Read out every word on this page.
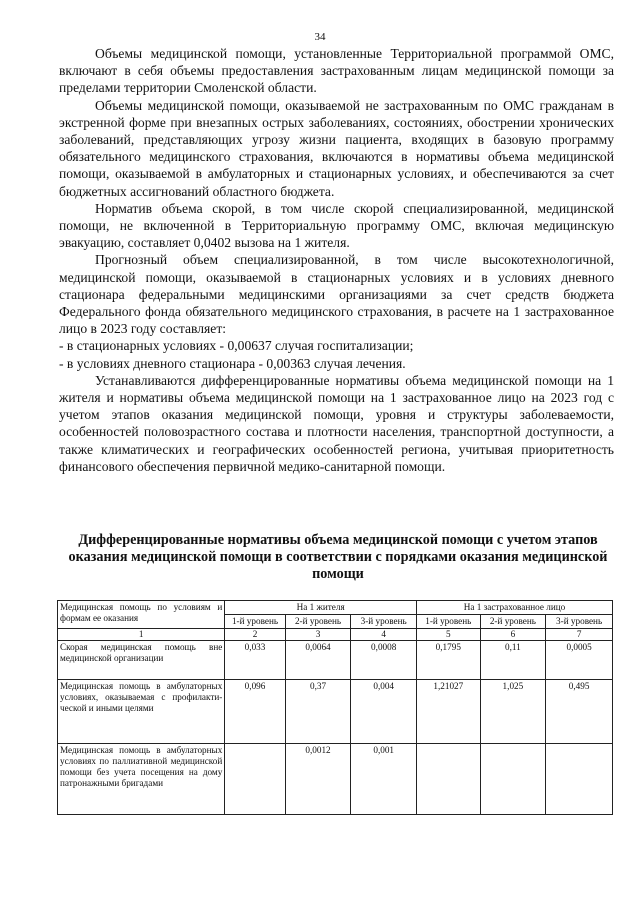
34

Объемы медицинской помощи, установленные Территориальной программой ОМС, включают в себя объемы предоставления застрахованным лицам медицинской помощи за пределами территории Смоленской области.

Объемы медицинской помощи, оказываемой не застрахованным по ОМС гражданам в экстренной форме при внезапных острых заболеваниях, состояниях, обострении хронических заболеваний, представляющих угрозу жизни пациента, входящих в базовую программу обязательного медицинского страхования, включаются в нормативы объема медицинской помощи, оказываемой в амбулаторных и стационарных условиях, и обеспечиваются за счет бюджетных ассигнований областного бюджета.

Норматив объема скорой, в том числе скорой специализированной, медицинской помощи, не включенной в Территориальную программу ОМС, включая медицинскую эвакуацию, составляет 0,0402 вызова на 1 жителя.

Прогнозный объем специализированной, в том числе высокотехнологичной, медицинской помощи, оказываемой в стационарных условиях и в условиях дневного стационара федеральными медицинскими организациями за счет средств бюджета Федерального фонда обязательного медицинского страхования, в расчете на 1 застрахованное лицо в 2023 году составляет:

- в стационарных условиях - 0,00637 случая госпитализации;

- в условиях дневного стационара - 0,00363 случая лечения.

Устанавливаются дифференцированные нормативы объема медицинской помощи на 1 жителя и нормативы объема медицинской помощи на 1 застрахованное лицо на 2023 год с учетом этапов оказания медицинской помощи, уровня и структуры заболеваемости, особенностей половозрастного состава и плотности населения, транспортной доступности, а также климатических и географических особенностей региона, учитывая приоритетность финансового обеспечения первичной медико-санитарной помощи.

Дифференцированные нормативы объема медицинской помощи с учетом этапов оказания медицинской помощи в соответствии с порядками оказания медицинской помощи
Медицинская помощь по условиям и формам ее оказания	На 1 жителя			На 1 застрахованное лицо		
	1-й уровень	2-й уровень	3-й уровень	1-й уровень	2-й уровень	3-й уровень
1	2	3	4	5	6	7
Скорая медицинская помощь вне медицинской организации	0,033	0,0064	0,0008	0,1795	0,11	0,0005
Медицинская помощь в амбулаторных условиях, оказываемая с профилакти-ческой и иными целями	0,096	0,37	0,004	1,21027	1,025	0,495
Медицинская помощь в амбулаторных условиях по паллиативной медицинской помощи без учета посещения на дому патронажными бригадами		0,0012	0,001			
